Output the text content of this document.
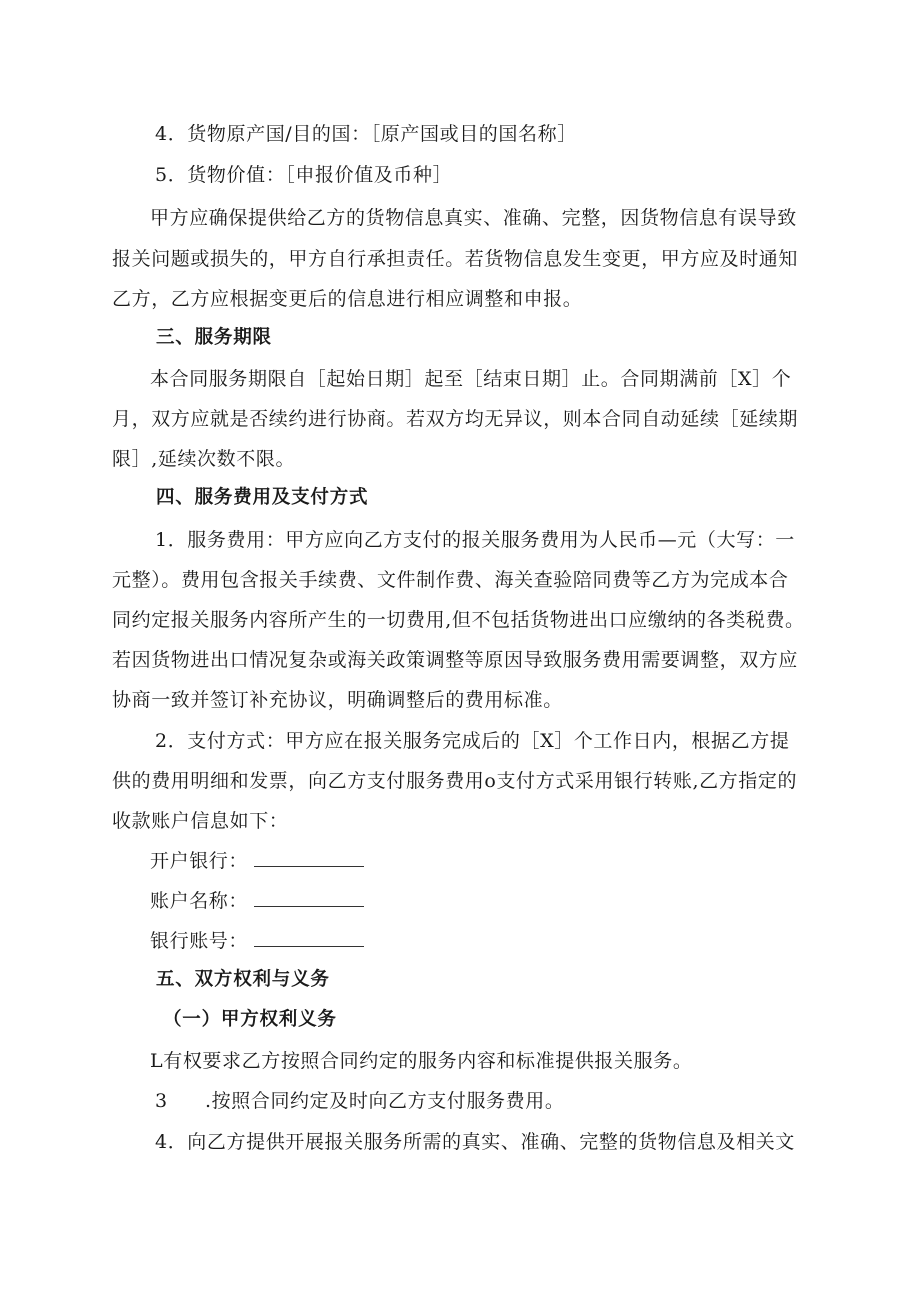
4．货物原产国/目的国：［原产国或目的国名称］
5．货物价值：［申报价值及币种］
甲方应确保提供给乙方的货物信息真实、准确、完整，因货物信息有误导致
报关问题或损失的，甲方自行承担责任。若货物信息发生变更，甲方应及时通知
乙方，乙方应根据变更后的信息进行相应调整和申报。
三、服务期限
本合同服务期限自［起始日期］起至［结束日期］止。合同期满前［X］个
月，双方应就是否续约进行协商。若双方均无异议，则本合同自动延续［延续期
限］,延续次数不限。
四、服务费用及支付方式
1．服务费用：甲方应向乙方支付的报关服务费用为人民币—元（大写：一
元整）。费用包含报关手续费、文件制作费、海关查验陪同费等乙方为完成本合
同约定报关服务内容所产生的一切费用,但不包括货物进出口应缴纳的各类税费。
若因货物进出口情况复杂或海关政策调整等原因导致服务费用需要调整，双方应
协商一致并签订补充协议，明确调整后的费用标准。
2．支付方式：甲方应在报关服务完成后的［X］个工作日内，根据乙方提
供的费用明细和发票，向乙方支付服务费用o支付方式采用银行转账,乙方指定的
收款账户信息如下：
开户银行：
账户名称：
银行账号：
五、双方权利与义务
（一）甲方权利义务
L有权要求乙方按照合同约定的服务内容和标准提供报关服务。
3 .按照合同约定及时向乙方支付服务费用。
4．向乙方提供开展报关服务所需的真实、准确、完整的货物信息及相关文
